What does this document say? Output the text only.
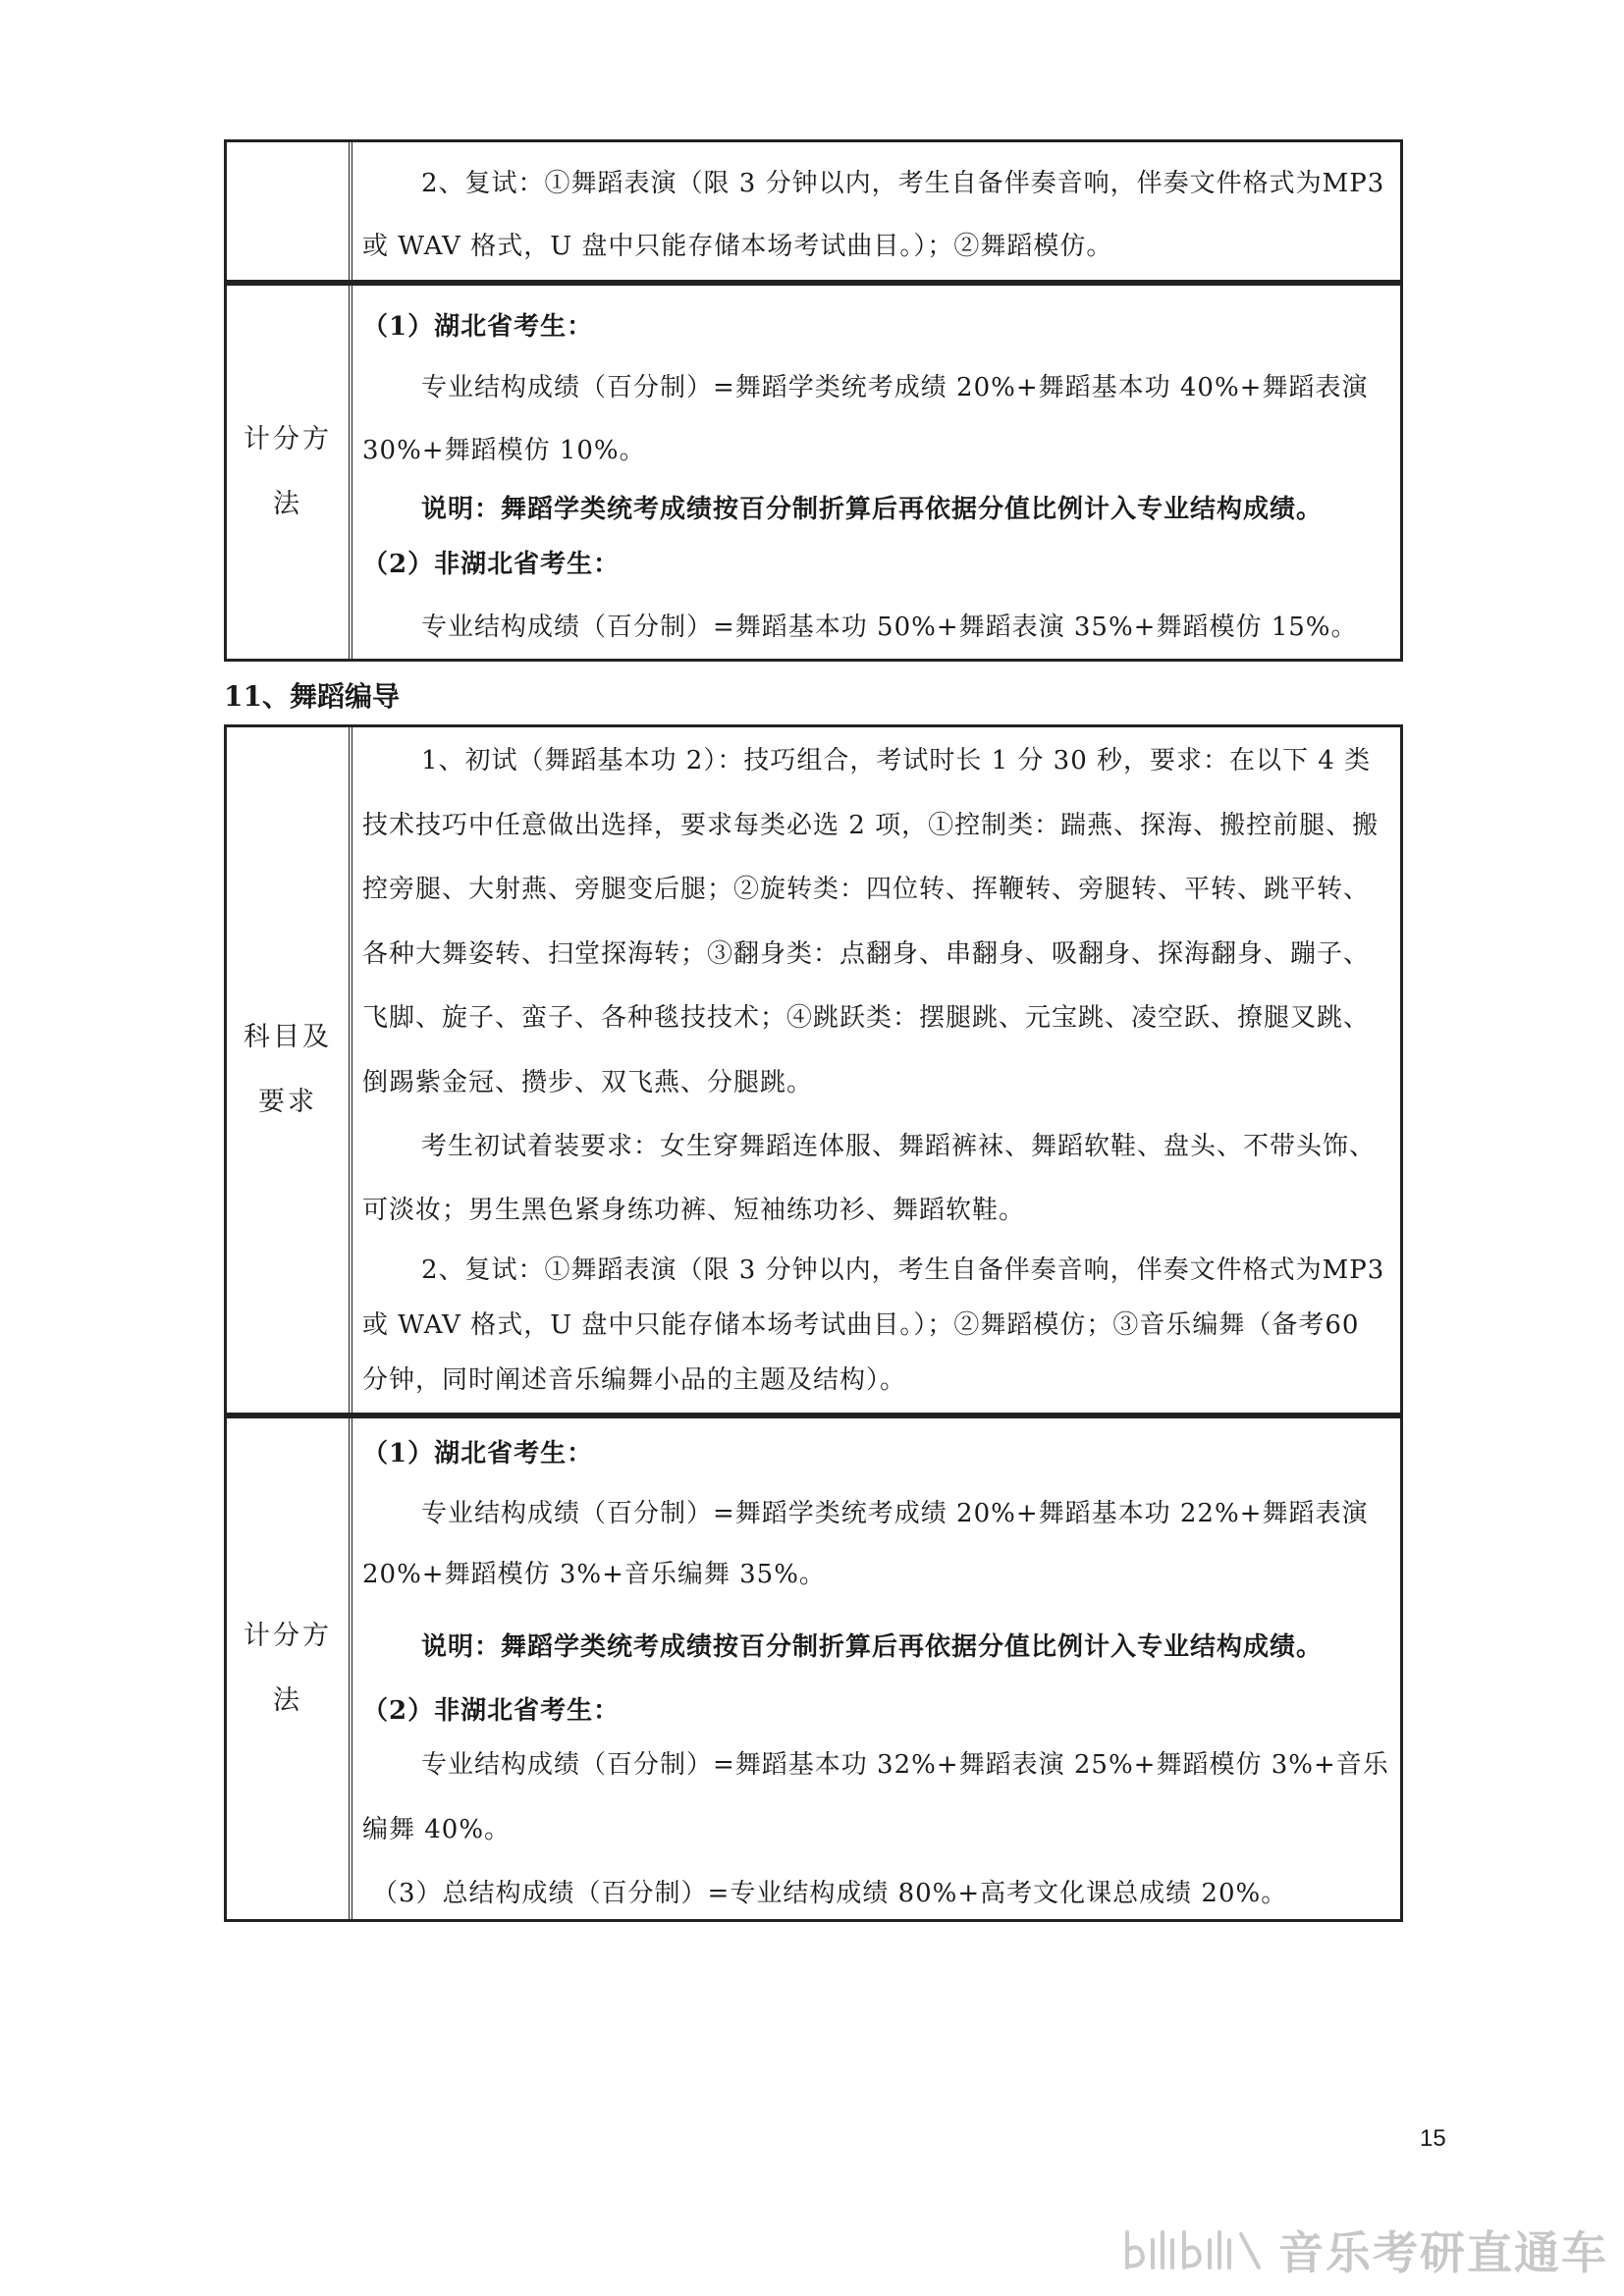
2、复试：①舞蹈表演（限 3 分钟以内，考生自备伴奏音响，伴奏文件格式为MP3 或 WAV 格式，U 盘中只能存储本场考试曲目。）；②舞蹈模仿。

计分方法

（1）湖北省考生：

专业结构成绩（百分制）=舞蹈学类统考成绩 20%+舞蹈基本功 40%+舞蹈表演 30%+舞蹈模仿 10%。

说明：舞蹈学类统考成绩按百分制折算后再依据分值比例计入专业结构成绩。

（2）非湖北省考生：

专业结构成绩（百分制）=舞蹈基本功 50%+舞蹈表演 35%+舞蹈模仿 15%。

11、舞蹈编导

科目及要求

1、初试（舞蹈基本功 2）：技巧组合，考试时长 1 分 30 秒，要求：在以下 4 类技术技巧中任意做出选择，要求每类必选 2 项，①控制类：踹燕、探海、搬控前腿、搬控旁腿、大射燕、旁腿变后腿；②旋转类：四位转、挥鞭转、旁腿转、平转、跳平转、各种大舞姿转、扫堂探海转；③翻身类：点翻身、串翻身、吸翻身、探海翻身、蹦子、飞脚、旋子、蛮子、各种毯技技术；④跳跃类：摆腿跳、元宝跳、凌空跃、撩腿叉跳、倒踢紫金冠、攒步、双飞燕、分腿跳。

考生初试着装要求：女生穿舞蹈连体服、舞蹈裤袜、舞蹈软鞋、盘头、不带头饰、可淡妆；男生黑色紧身练功裤、短袖练功衫、舞蹈软鞋。

2、复试：①舞蹈表演（限 3 分钟以内，考生自备伴奏音响，伴奏文件格式为MP3 或 WAV 格式，U 盘中只能存储本场考试曲目。）；②舞蹈模仿；③音乐编舞（备考60 分钟，同时阐述音乐编舞小品的主题及结构）。

计分方法

（1）湖北省考生：

专业结构成绩（百分制）=舞蹈学类统考成绩 20%+舞蹈基本功 22%+舞蹈表演 20%+舞蹈模仿 3%+音乐编舞 35%。

说明：舞蹈学类统考成绩按百分制折算后再依据分值比例计入专业结构成绩。

（2）非湖北省考生：

专业结构成绩（百分制）=舞蹈基本功 32%+舞蹈表演 25%+舞蹈模仿 3%+音乐编舞 40%。

（3）总结构成绩（百分制）=专业结构成绩 80%+高考文化课总成绩 20%。

15
音乐考研直通车
